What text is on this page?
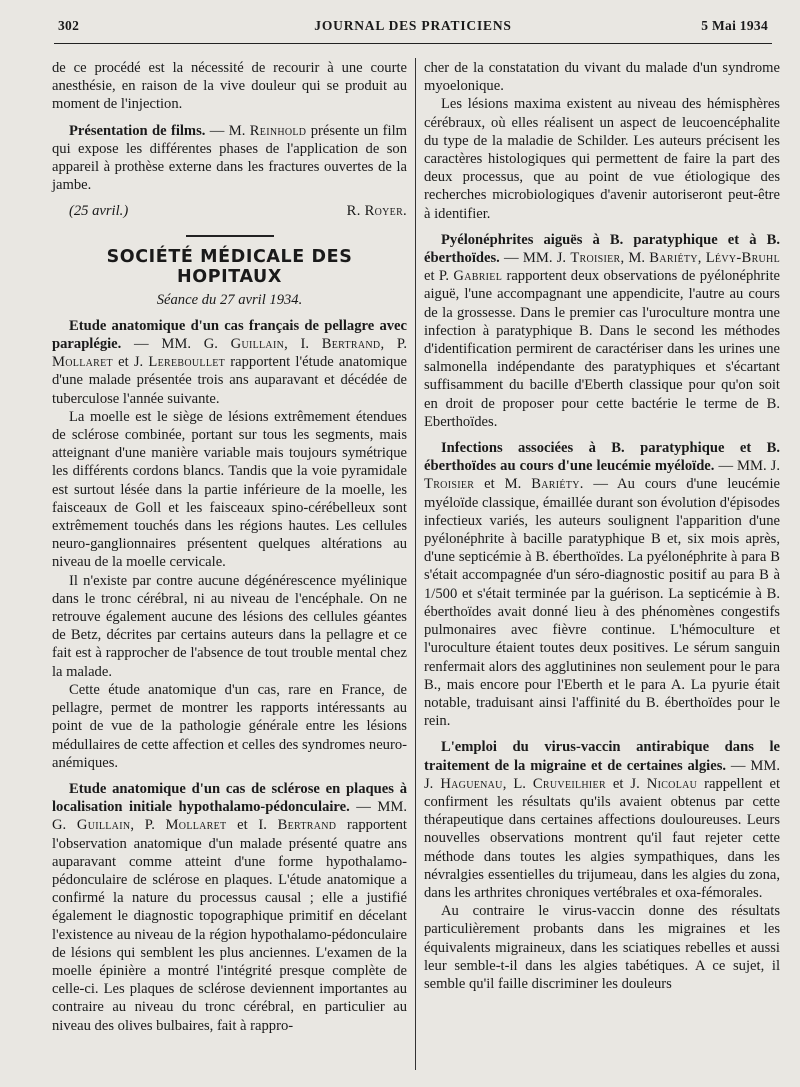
302	JOURNAL DES PRATICIENS	5 Mai 1934

de ce procédé est la nécessité de recourir à une courte anesthésie, en raison de la vive douleur qui se produit au moment de l'injection.

Présentation de films. — M. Reinhold présente un film qui expose les différentes phases de l'application de son appareil à prothèse externe dans les fractures ouvertes de la jambe.

(25 avril.)	R. Royer.
SOCIÉTÉ MÉDICALE DES HOPITAUX
Séance du 27 avril 1934.

Etude anatomique d'un cas français de pellagre avec paraplégie. — MM. G. Guillain, I. Bertrand, P. Mollaret et J. Lereboullet rapportent l'étude anatomique d'une malade présentée trois ans auparavant et décédée de tuberculose l'année suivante.

La moelle est le siège de lésions extrêmement étendues de sclérose combinée, portant sur tous les segments, mais atteignant d'une manière variable mais toujours symétrique les différents cordons blancs. Tandis que la voie pyramidale est surtout lésée dans la partie inférieure de la moelle, les faisceaux de Goll et les faisceaux spino-cérébelleux sont extrêmement touchés dans les régions hautes. Les cellules neuro-ganglionnaires présentent quelques altérations au niveau de la moelle cervicale.

Il n'existe par contre aucune dégénérescence myélinique dans le tronc cérébral, ni au niveau de l'encéphale. On ne retrouve également aucune des lésions des cellules géantes de Betz, décrites par certains auteurs dans la pellagre et ce fait est à rapprocher de l'absence de tout trouble mental chez la malade.

Cette étude anatomique d'un cas, rare en France, de pellagre, permet de montrer les rapports intéressants au point de vue de la pathologie générale entre les lésions médullaires de cette affection et celles des syndromes neuro-anémiques.

Etude anatomique d'un cas de sclérose en plaques à localisation initiale hypothalamo-pédonculaire. — MM. G. Guillain, P. Mollaret et I. Bertrand rapportent l'observation anatomique d'un malade présenté quatre ans auparavant comme atteint d'une forme hypothalamo-pédonculaire de sclérose en plaques. L'étude anatomique a confirmé la nature du processus causal ; elle a justifié également le diagnostic topographique primitif en décelant l'existence au niveau de la région hypothalamo-pédonculaire de lésions qui semblent les plus anciennes. L'examen de la moelle épinière a montré l'intégrité presque complète de celle-ci. Les plaques de sclérose deviennent importantes au contraire au niveau du tronc cérébral, en particulier au niveau des olives bulbaires, fait à rappro-

cher de la constatation du vivant du malade d'un syndrome myoelonique.

Les lésions maxima existent au niveau des hémisphères cérébraux, où elles réalisent un aspect de leucoencéphalite du type de la maladie de Schilder. Les auteurs précisent les caractères histologiques qui permettent de faire la part des deux processus, que au point de vue étiologique des recherches microbiologiques d'avenir autoriseront peut-être à identifier.

Pyélonéphrites aiguës à B. paratyphique et à B. éberthoïdes. — MM. J. Troisier, M. Bariéty, Lévy-Bruhl et P. Gabriel rapportent deux observations de pyélonéphrite aiguë, l'une accompagnant une appendicite, l'autre au cours de la grossesse. Dans le premier cas l'uroculture montra une infection à paratyphique B. Dans le second les méthodes d'identification permirent de caractériser dans les urines une salmonella indépendante des paratyphiques et s'écartant suffisamment du bacille d'Eberth classique pour qu'on soit en droit de proposer pour cette bactérie le terme de B. Eberthoïdes.

Infections associées à B. paratyphique et B. éberthoïdes au cours d'une leucémie myéloïde. — MM. J. Troisier et M. Bariéty. — Au cours d'une leucémie myéloïde classique, émaillée durant son évolution d'épisodes infectieux variés, les auteurs soulignent l'apparition d'une pyélonéphrite à bacille paratyphique B et, six mois après, d'une septicémie à B. éberthoïdes. La pyélonéphrite à para B s'était accompagnée d'un séro-diagnostic positif au para B à 1/500 et s'était terminée par la guérison. La septicémie à B. éberthoïdes avait donné lieu à des phénomènes congestifs pulmonaires avec fièvre continue. L'hémoculture et l'uroculture étaient toutes deux positives. Le sérum sanguin renfermait alors des agglutinines non seulement pour le para B., mais encore pour l'Eberth et le para A. La pyurie était notable, traduisant ainsi l'affinité du B. éberthoïdes pour le rein.

L'emploi du virus-vaccin antirabique dans le traitement de la migraine et de certaines algies. — MM. J. Haguenau, L. Cruveilhier et J. Nicolau rappellent et confirment les résultats qu'ils avaient obtenus par cette thérapeutique dans certaines affections douloureuses. Leurs nouvelles observations montrent qu'il faut rejeter cette méthode dans toutes les algies sympathiques, dans les névralgies essentielles du trijumeau, dans les algies du zona, dans les arthrites chroniques vertébrales et oxa-fémorales.

Au contraire le virus-vaccin donne des résultats particulièrement probants dans les migraines et les équivalents migraineux, dans les sciatiques rebelles et aussi leur semble-t-il dans les algies tabétiques. A ce sujet, il semble qu'il faille discriminer les douleurs
